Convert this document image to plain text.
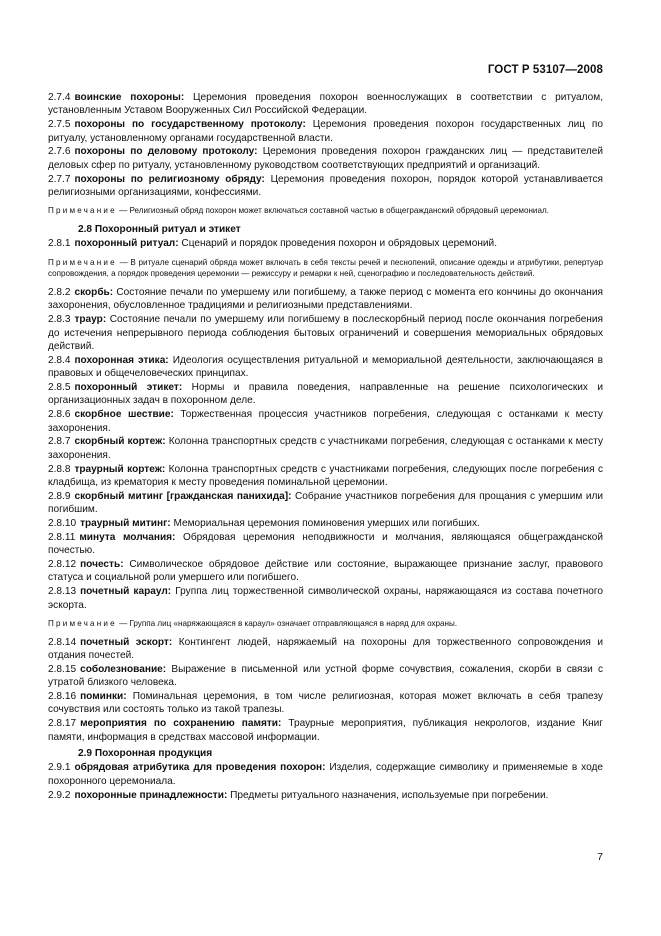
ГОСТ Р 53107—2008
2.7.4 воинские похороны: Церемония проведения похорон военнослужащих в соответствии с ритуалом, установленным Уставом Вооруженных Сил Российской Федерации.
2.7.5 похороны по государственному протоколу: Церемония проведения похорон государственных лиц по ритуалу, установленному органами государственной власти.
2.7.6 похороны по деловому протоколу: Церемония проведения похорон гражданских лиц — представителей деловых сфер по ритуалу, установленному руководством соответствующих предприятий и организаций.
2.7.7 похороны по религиозному обряду: Церемония проведения похорон, порядок которой устанавливается религиозными организациями, конфессиями.
Примечание — Религиозный обряд похорон может включаться составной частью в общегражданский обрядовый церемониал.
2.8 Похоронный ритуал и этикет
2.8.1 похоронный ритуал: Сценарий и порядок проведения похорон и обрядовых церемоний.
Примечание — В ритуале сценарий обряда может включать в себя тексты речей и песнопений, описание одежды и атрибутики, репертуар сопровождения, а порядок проведения церемонии — режиссуру и ремарки к ней, сценографию и последовательность действий.
2.8.2 скорбь: Состояние печали по умершему или погибшему, а также период с момента его кончины до окончания захоронения, обусловленное традициями и религиозными представлениями.
2.8.3 траур: Состояние печали по умершему или погибшему в послескорбный период после окончания погребения до истечения непрерывного периода соблюдения бытовых ограничений и совершения мемориальных обрядовых действий.
2.8.4 похоронная этика: Идеология осуществления ритуальной и мемориальной деятельности, заключающаяся в правовых и общечеловеческих принципах.
2.8.5 похоронный этикет: Нормы и правила поведения, направленные на решение психологических и организационных задач в похоронном деле.
2.8.6 скорбное шествие: Торжественная процессия участников погребения, следующая с останками к месту захоронения.
2.8.7 скорбный кортеж: Колонна транспортных средств с участниками погребения, следующая с останками к месту захоронения.
2.8.8 траурный кортеж: Колонна транспортных средств с участниками погребения, следующих после погребения с кладбища, из крематория к месту проведения поминальной церемонии.
2.8.9 скорбный митинг [гражданская панихида]: Собрание участников погребения для прощания с умершим или погибшим.
2.8.10 траурный митинг: Мемориальная церемония поминовения умерших или погибших.
2.8.11 минута молчания: Обрядовая церемония неподвижности и молчания, являющаяся общегражданской почестью.
2.8.12 почесть: Символическое обрядовое действие или состояние, выражающее признание заслуг, правового статуса и социальной роли умершего или погибшего.
2.8.13 почетный караул: Группа лиц торжественной символической охраны, наряжающаяся из состава почетного эскорта.
Примечание — Группа лиц «наряжающаяся в караул» означает отправляющаяся в наряд для охраны.
2.8.14 почетный эскорт: Контингент людей, наряжаемый на похороны для торжественного сопровождения и отдания почестей.
2.8.15 соболезнование: Выражение в письменной или устной форме сочувствия, сожаления, скорби в связи с утратой близкого человека.
2.8.16 поминки: Поминальная церемония, в том числе религиозная, которая может включать в себя трапезу сочувствия или состоять только из такой трапезы.
2.8.17 мероприятия по сохранению памяти: Траурные мероприятия, публикация некрологов, издание Книг памяти, информация в средствах массовой информации.
2.9 Похоронная продукция
2.9.1 обрядовая атрибутика для проведения похорон: Изделия, содержащие символику и применяемые в ходе похоронного церемониала.
2.9.2 похоронные принадлежности: Предметы ритуального назначения, используемые при погребении.
7
